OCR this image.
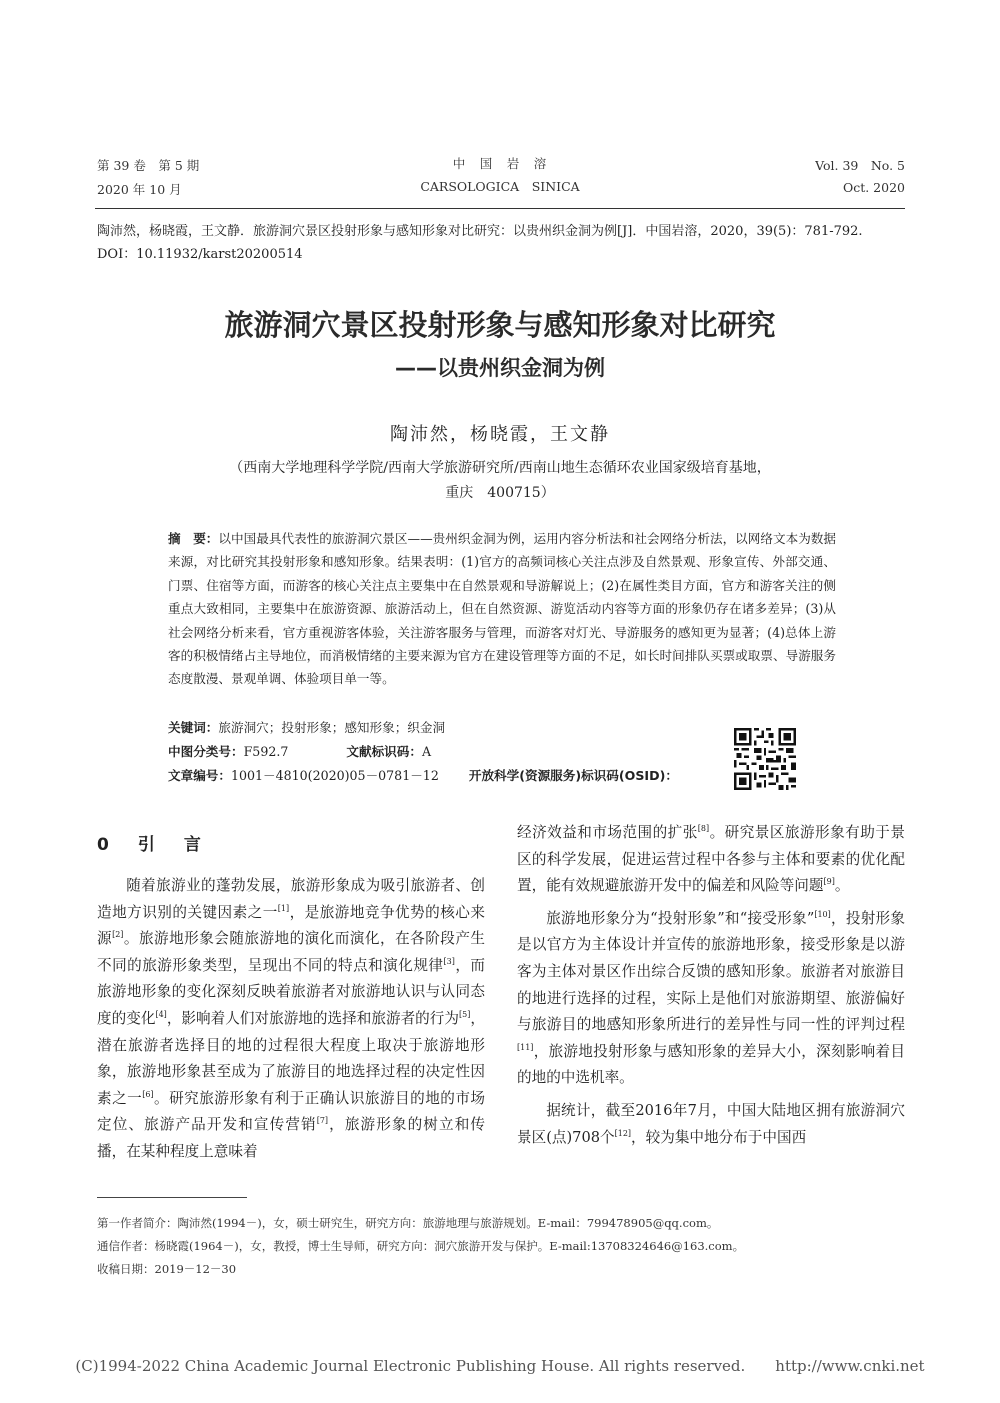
第 39 卷　第 5 期
2020 年 10 月
中　国　岩　溶
CARSOLOGICA　SINICA
Vol. 39　No. 5
Oct. 2020
陶沛然，杨晓霞，王文静．旅游洞穴景区投射形象与感知形象对比研究：以贵州织金洞为例[J]．中国岩溶，2020，39(5)：781-792.
DOI：10.11932/karst20200514
旅游洞穴景区投射形象与感知形象对比研究
——以贵州织金洞为例
陶沛然，杨晓霞，王文静
（西南大学地理科学学院/西南大学旅游研究所/西南山地生态循环农业国家级培育基地，
重庆　400715）
摘　要：以中国最具代表性的旅游洞穴景区——贵州织金洞为例，运用内容分析法和社会网络分析法，以网络文本为数据来源，对比研究其投射形象和感知形象。结果表明：(1)官方的高频词核心关注点涉及自然景观、形象宣传、外部交通、门票、住宿等方面，而游客的核心关注点主要集中在自然景观和导游解说上；(2)在属性类目方面，官方和游客关注的侧重点大致相同，主要集中在旅游资源、旅游活动上，但在自然资源、游览活动内容等方面的形象仍存在诸多差异；(3)从社会网络分析来看，官方重视游客体验，关注游客服务与管理，而游客对灯光、导游服务的感知更为显著；(4)总体上游客的积极情绪占主导地位，而消极情绪的主要来源为官方在建设管理等方面的不足，如长时间排队买票或取票、导游服务态度散漫、景观单调、体验项目单一等。
关键词：旅游洞穴；投射形象；感知形象；织金洞
中图分类号：F592.7	文献标识码：A
文章编号：1001－4810(2020)05－0781－12 开放科学(资源服务)标识码(OSID)：
0　引　言

随着旅游业的蓬勃发展，旅游形象成为吸引旅游者、创造地方识别的关键因素之一[1]，是旅游地竞争优势的核心来源[2]。旅游地形象会随旅游地的演化而演化，在各阶段产生不同的旅游形象类型，呈现出不同的特点和演化规律[3]，而旅游地形象的变化深刻反映着旅游者对旅游地认识与认同态度的变化[4]，影响着人们对旅游地的选择和旅游者的行为[5]，潜在旅游者选择目的地的过程很大程度上取决于旅游地形象，旅游地形象甚至成为了旅游目的地选择过程的决定性因素之一[6]。研究旅游形象有利于正确认识旅游目的地的市场定位、旅游产品开发和宣传营销[7]，旅游形象的树立和传播，在某种程度上意味着

经济效益和市场范围的扩张[8]。研究景区旅游形象有助于景区的科学发展，促进运营过程中各参与主体和要素的优化配置，能有效规避旅游开发中的偏差和风险等问题[9]。

旅游地形象分为“投射形象”和“接受形象”[10]，投射形象是以官方为主体设计并宣传的旅游地形象，接受形象是以游客为主体对景区作出综合反馈的感知形象。旅游者对旅游目的地进行选择的过程，实际上是他们对旅游期望、旅游偏好与旅游目的地感知形象所进行的差异性与同一性的评判过程[11]，旅游地投射形象与感知形象的差异大小，深刻影响着目的地的中选机率。

据统计，截至2016年7月，中国大陆地区拥有旅游洞穴景区(点)708个[12]，较为集中地分布于中国西

第一作者简介：陶沛然(1994－)，女，硕士研究生，研究方向：旅游地理与旅游规划。E-mail：799478905@qq.com。
通信作者：杨晓霞(1964－)，女，教授，博士生导师，研究方向：洞穴旅游开发与保护。E-mail:13708324646@163.com。
收稿日期：2019－12－30
(C)1994-2022 China Academic Journal Electronic Publishing House. All rights reserved.　　http://www.cnki.net
